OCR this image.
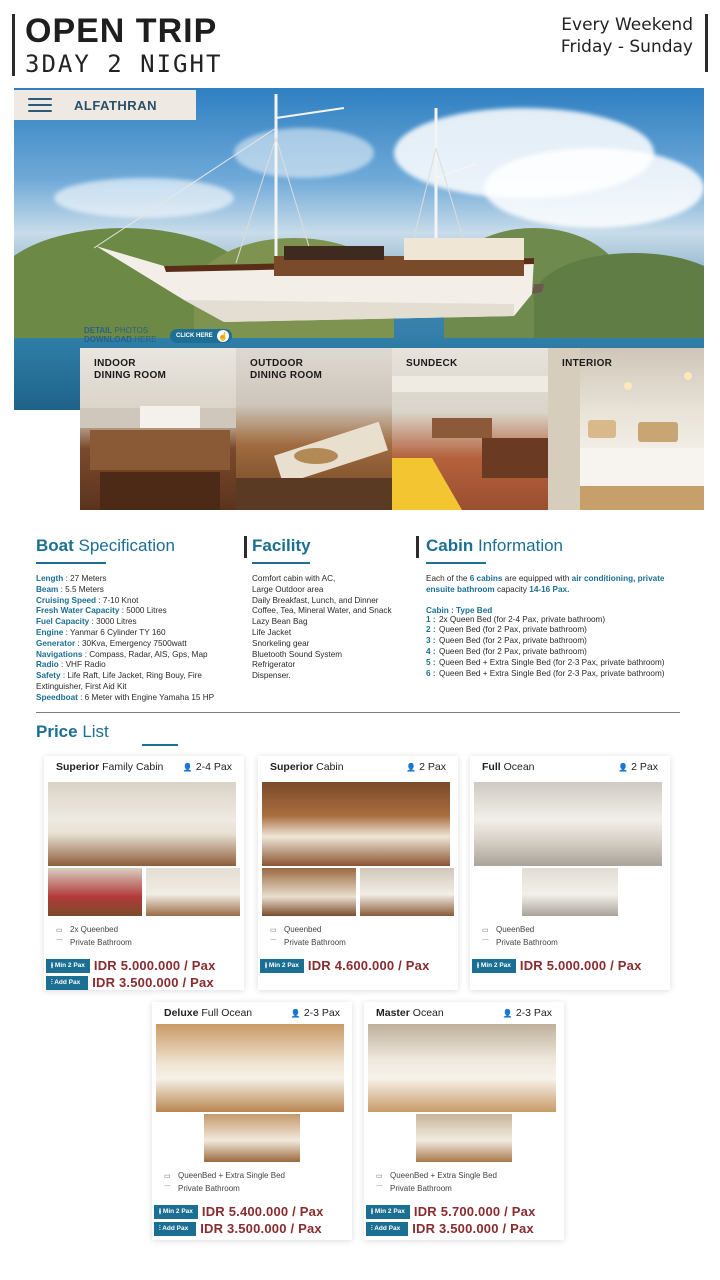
OPEN TRIP
3DAY 2 NIGHT
Every Weekend
Friday - Sunday
ALFATHRAN
DETAIL PHOTOS
DOWNLOAD HERE	CLICK HERE ☝
INDOOR
DINING ROOM
OUTDOOR
DINING ROOM
SUNDECK	INTERIOR
Boat Specification
Length : 27 Meters
Beam : 5.5 Meters
Cruising Speed : 7-10 Knot
Fresh Water Capacity : 5000 Litres
Fuel Capacity : 3000 Litres
Engine : Yanmar 6 Cylinder TY 160
Generator : 30Kva, Emergency 7500watt
Navigations : Compass, Radar, AIS, Gps, Map
Radio : VHF Radio
Safety : Life Raft, Life Jacket, Ring Bouy, Fire Extinguisher, First Aid Kit
Speedboat : 6 Meter with Engine Yamaha 15 HP
Facility
Comfort cabin with AC,
Large Outdoor area
Daily Breakfast, Lunch, and Dinner
Coffee, Tea, Mineral Water, and Snack
Lazy Bean Bag
Life Jacket
Snorkeling gear
Bluetooth Sound System
Refrigerator
Dispenser.
Cabin Information
Each of the 6 cabins are equipped with air conditioning, private ensuite bathroom capacity 14-16 Pax.
Cabin : Type Bed
1 : 2x Queen Bed (for 2-4 Pax, private bathroom)
2 : Queen Bed (for 2 Pax, private bathroom)
3 : Queen Bed (for 2 Pax, private bathroom)
4 : Queen Bed (for 2 Pax, private bathroom)
5 : Queen Bed + Extra Single Bed (for 2-3 Pax, private bathroom)
6 : Queen Bed + Extra Single Bed (for 2-3 Pax, private bathroom)
Price List
Superior Family Cabin 👤 2-4 Pax
▭ 2x Queenbed
⌒ Private Bathroom
⫲ Min 2 Pax IDR 5.000.000 / Pax
⫶ Add Pax IDR 3.500.000 / Pax
Superior Cabin	👤 2 Pax
▭ Queenbed
⌒ Private Bathroom
⫲ Min 2 Pax IDR 4.600.000 / Pax
Full Ocean	👤 2 Pax
▭ QueenBed
⌒ Private Bathroom
⫲ Min 2 Pax IDR 5.000.000 / Pax
Deluxe Full Ocean	👤 2-3 Pax
▭ QueenBed + Extra Single Bed
⌒ Private Bathroom
⫲ Min 2 Pax IDR 5.400.000 / Pax
⫶ Add Pax IDR 3.500.000 / Pax
Master Ocean	👤 2-3 Pax
▭ QueenBed + Extra Single Bed
⌒ Private Bathroom
⫲ Min 2 Pax IDR 5.700.000 / Pax
⫶ Add Pax IDR 3.500.000 / Pax
